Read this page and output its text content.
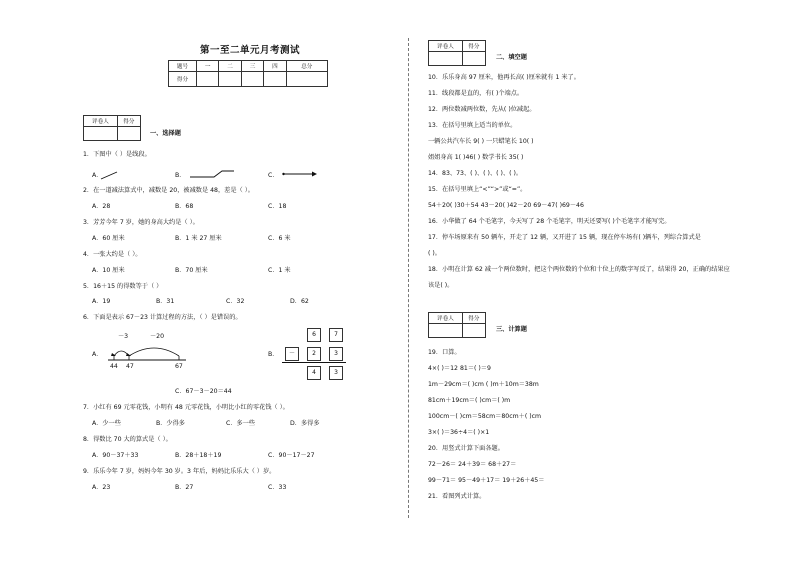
第一至二单元月考测试
题号	一	二	三	四	总分
得分					
评卷人	得分

一、选择题
1．下图中（ ）是线段。
A．	B．	C．
2．在一道减法算式中，减数是 20，被减数是 48，差是（ ）。
A．28	B．68	C．18
3．芳芳今年 7 岁，她的身高大约是（ ）。
A．60 厘米	B．1 米 27 厘米	C．6 米
4．一张大约是（ ）。
A．10 厘米	B．70 厘米	C．1 米
5．16＋15 的得数等于（ ）
A．19	B．31	C．32	D．62
6．下面是表示 67－23 计算过程的方法，（ ）是错误的。
A．
－3	－20
44 47	67
B．
6	7
－	2	3
4	3
C．67－3－20＝44
7．小红有 69 元零花钱，小明有 48 元零花钱，小明比小红的零花钱（ ）。
A．少一些	B．少得多	C．多一些	D．多得多
8．得数比 70 大的算式是（ ）。
A．90－37＋33	B．28＋18＋19	C．90－17－27
9．乐乐今年 7 岁，妈妈今年 30 岁。3 年后，妈妈比乐乐大（ ）岁。
A．23	B．27	C．33
评卷人	得分

二、填空题
10．乐乐身高 97 厘米，他再长高( )厘米就有 1 米了。
11．线段都是直的，有( )个端点。
12．两位数减两位数，先从( )位减起。
13．在括号里填上适当的单位。
一辆公共汽车长 9( ) 一只蜡笔长 10( )
姐姐身高 1( )46( ) 数学书长 35( )
14．83、73、( )、( )、( )、( )。
15．在括号里填上“<”“>”或“=”。
54＋20( )30＋54 43－20( )42－20 69－47( )69－46
16．小华做了 64 个毛笔字，今天写了 28 个毛笔字，明天还要写( )个毛笔字才能写完。
17．停车场原来有 50 辆车，开走了 12 辆，又开进了 15 辆，现在停车场有( )辆车，列综合算式是
( )。
18．小明在计算 62 减一个两位数时，把这个两位数的个位和十位上的数字写反了，结果得 20，正确的结果应
该是( )。
评卷人	得分

三、计算题
19．口算。
4×( )＝12 81＝( )＝9
1m－29cm＝( )cm ( )m＋10m＝38m
81cm＋19cm＝( )cm＝( )m
100cm－( )cm＝58cm＝80cm＋( )cm
3×( )＝36÷4＝( )×1
20．用竖式计算下面各题。
72－26＝ 24＋39＝ 68＋27＝
99－71＝ 95－49＋17＝ 19＋26＋45＝
21．看图列式计算。
